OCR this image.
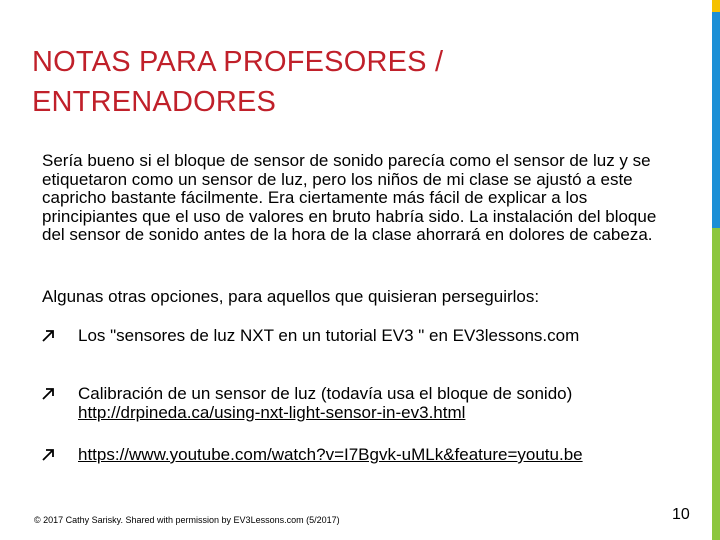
NOTAS PARA PROFESORES / ENTRENADORES
Sería bueno si el bloque de sensor de sonido parecía como el sensor de luz y se etiquetaron como un sensor de luz, pero los niños de mi clase se ajustó a este capricho bastante fácilmente. Era ciertamente más fácil de explicar a los principiantes que el uso de valores en bruto habría sido. La instalación del bloque del sensor de sonido antes de la hora de la clase ahorrará en dolores de cabeza.
Algunas otras opciones, para aquellos que quisieran perseguirlos:
Los "sensores de luz NXT en un tutorial EV3 " en EV3lessons.com
Calibración de un sensor de luz (todavía usa el bloque de sonido)
http://drpineda.ca/using-nxt-light-sensor-in-ev3.html
https://www.youtube.com/watch?v=I7Bgvk-uMLk&feature=youtu.be
© 2017 Cathy Sarisky. Shared with permission by EV3Lessons.com (5/2017)	10
